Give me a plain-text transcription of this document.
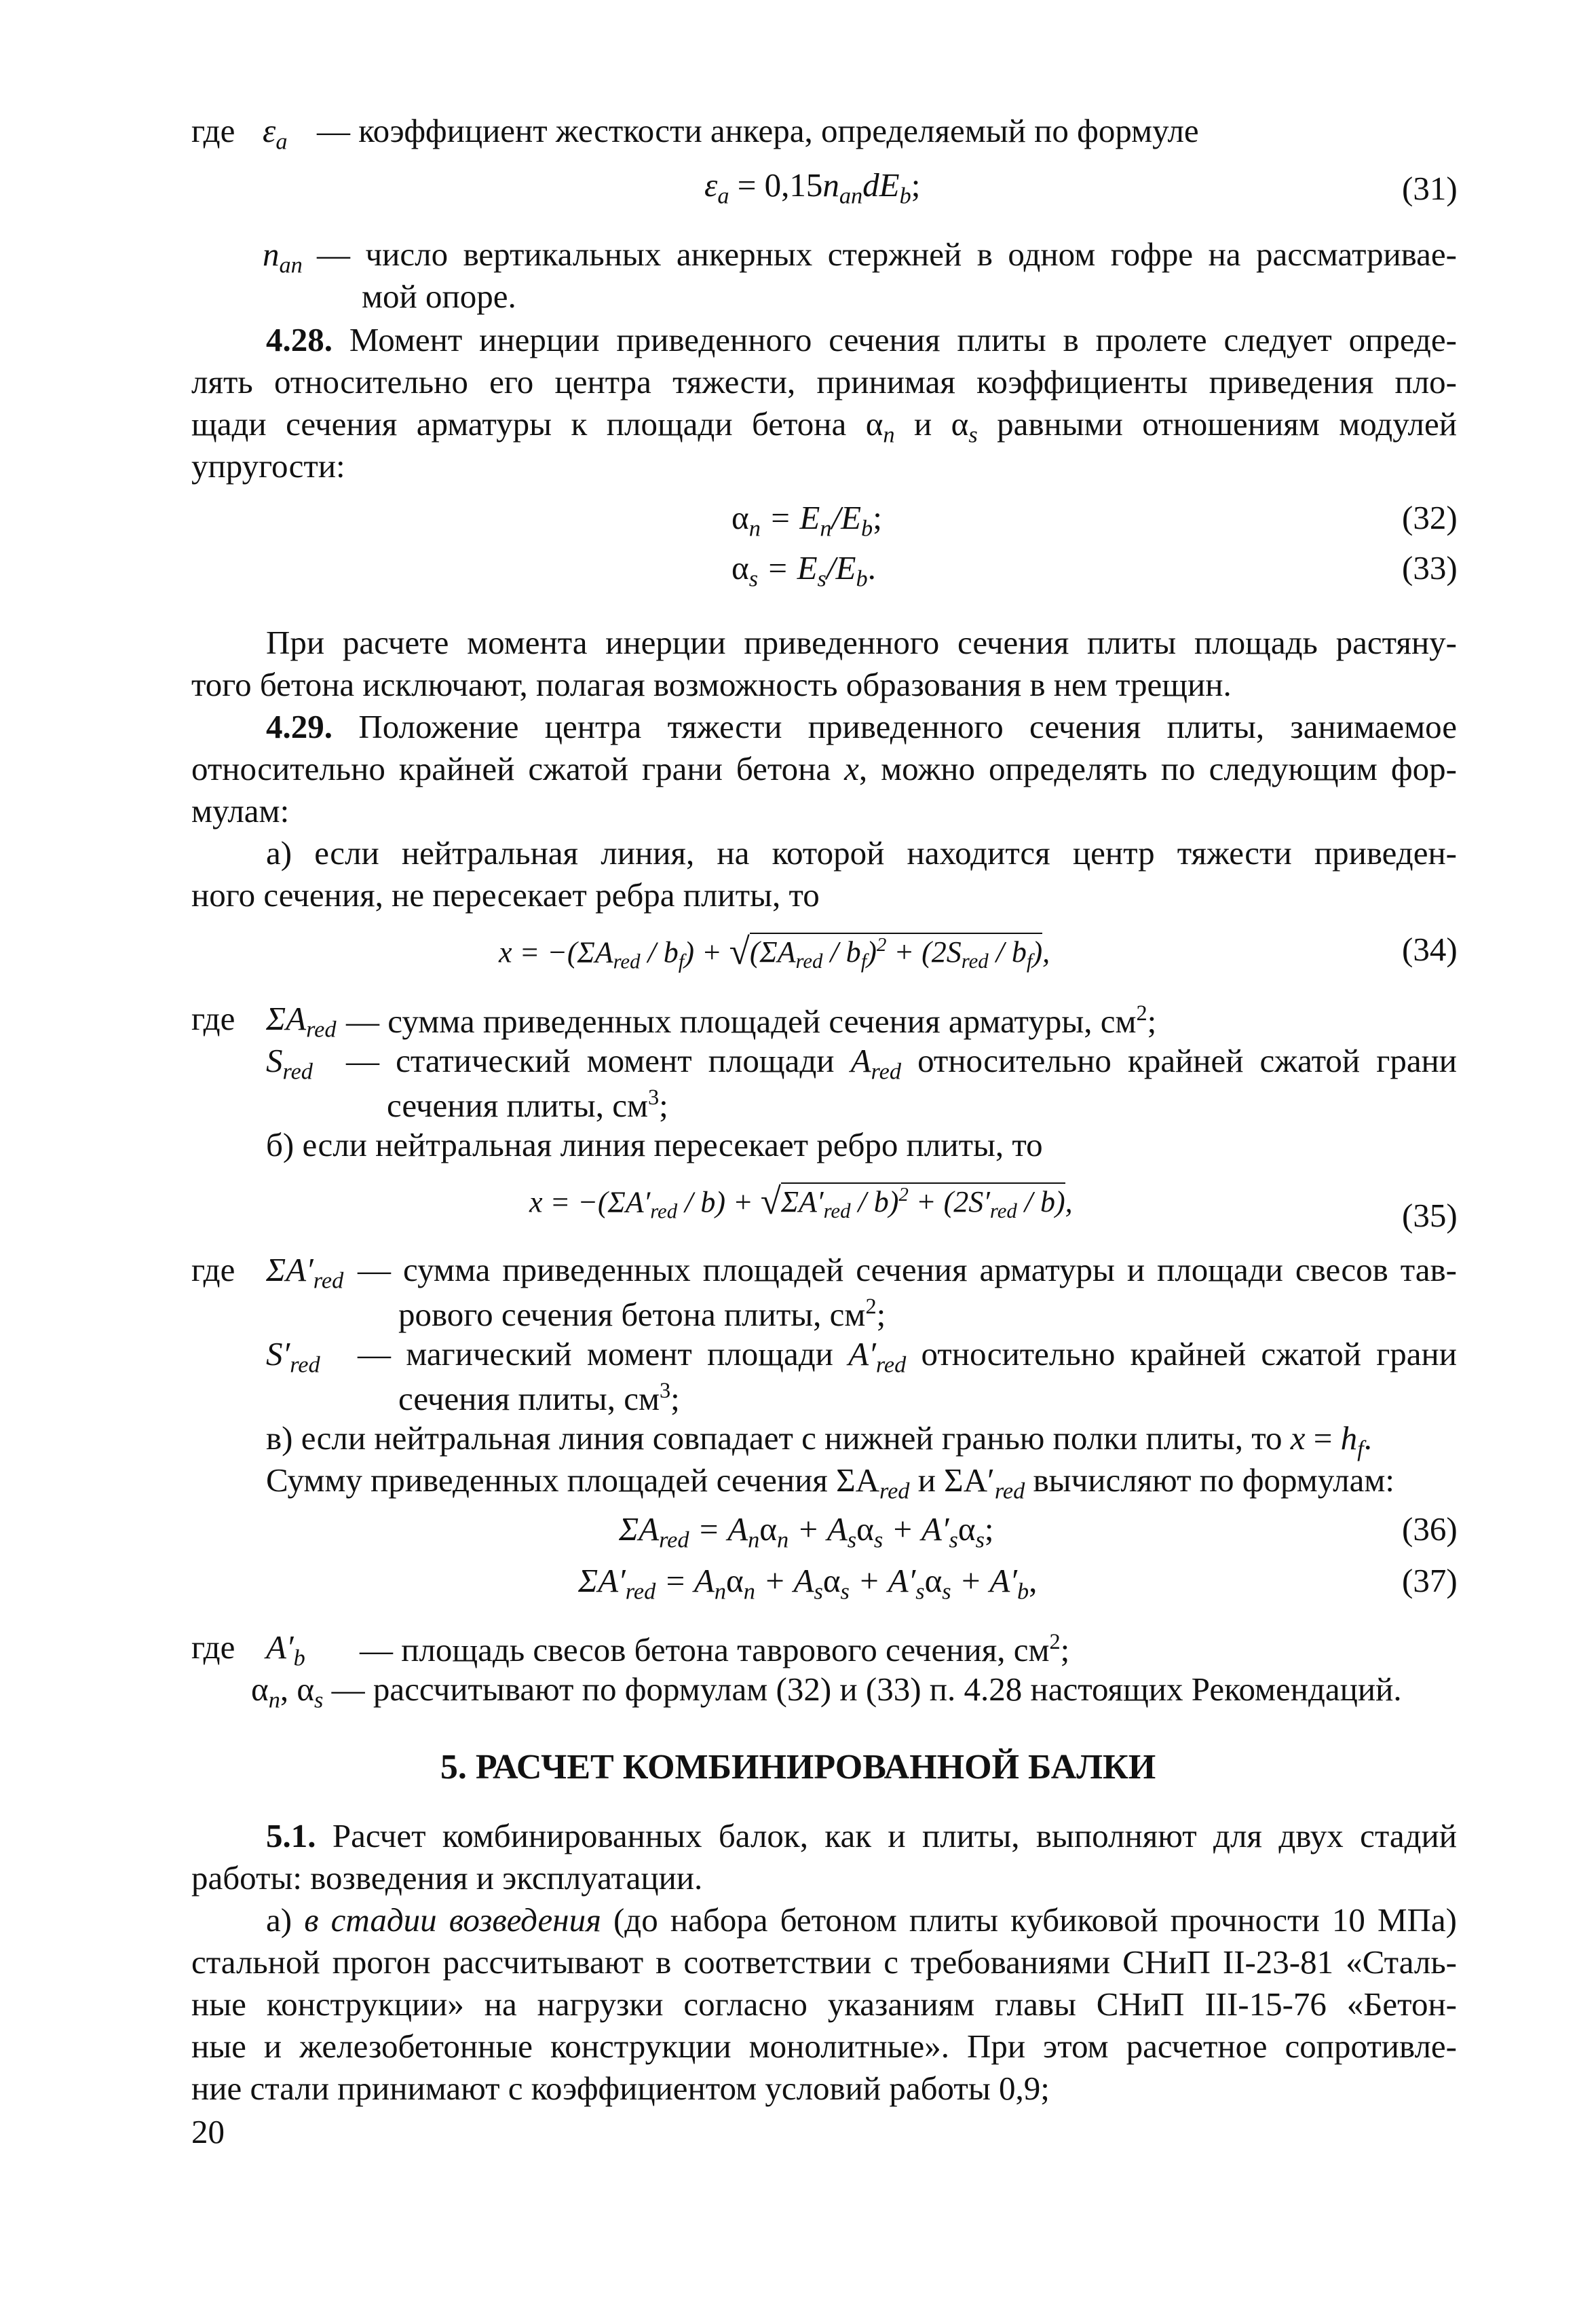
где $\varepsilon_a$ — коэффициент жесткости анкера, определяемый по формуле
$\varepsilon_a = 0,15n_{an}dE_b$;	(31)
$n_{an}$ — число вертикальных анкерных стержней в одном гофре на рассматривае-
мой опоре.
4.28. Момент инерции приведенного сечения плиты в пролете следует опреде-
лять относительно его центра тяжести, принимая коэффициенты приведения пло-
щади сечения арматуры к площади бетона $\alpha_n$ и $\alpha_s$ равными отношениям модулей
упругости:
$\alpha_n = E_n/E_b$;	(32)
$\alpha_s = E_s/E_b$.	(33)
При расчете момента инерции приведенного сечения плиты площадь растяну-
того бетона исключают, полагая возможность образования в нем трещин.
4.29. Положение центра тяжести приведенного сечения плиты, занимаемое
относительно крайней сжатой грани бетона x, можно определять по следующим фор-
мулам:
а) если нейтральная линия, на которой находится центр тяжести приведен-
ного сечения, не пересекает ребра плиты, то
$x = -(\Sigma A_{red} / b_f) + √(\Sigma A_{red} / b_f)^2 + (2S_{red} / b_f)$,	(34)
где $\Sigma A_{red}$ — сумма приведенных площадей сечения арматуры, $см^2$;
$S_{red}$ — статический момент площади $A_{red}$ относительно крайней сжатой грани
сечения плиты, $см^3$;
б) если нейтральная линия пересекает ребро плиты, то
$x = -(\Sigma A'_{red} / b) + √\Sigma A'_{red} / b)^2 + (2S'_{red} / b)$,	(35)
где $\Sigma A'_{red}$ — сумма приведенных площадей сечения арматуры и площади свесов тав-
рового сечения бетона плиты, $см^2$;
$S'_{red}$ — магический момент площади $A'_{red}$ относительно крайней сжатой грани
сечения плиты, $см^3$;
в) если нейтральная линия совпадает с нижней гранью полки плиты, то $x = h_f$.
Сумму приведенных площадей сечения $\Sigma A_{red}$ и $\Sigma A'_{red}$ вычисляют по формулам:
$\Sigma A_{red} = A_n\alpha_n + A_s\alpha_s + A'_s\alpha_s$;	(36)
$\Sigma A'_{red} = A_n\alpha_n + A_s\alpha_s + A'_s\alpha_s + A'_b$,	(37)
где $A'_b$ — площадь свесов бетона таврового сечения, $см^2$;
$\alpha_n$, $\alpha_s$ — рассчитывают по формулам (32) и (33) п. 4.28 настоящих Рекомендаций.
5. РАСЧЕТ КОМБИНИРОВАННОЙ БАЛКИ
5.1. Расчет комбинированных балок, как и плиты, выполняют для двух стадий
работы: возведения и эксплуатации.
а) в стадии возведения (до набора бетоном плиты кубиковой прочности 10 МПа)
стальной прогон рассчитывают в соответствии с требованиями СНиП II-23-81 «Сталь-
ные конструкции» на нагрузки согласно указаниям главы СНиП III-15-76 «Бетон-
ные и железобетонные конструкции монолитные». При этом расчетное сопротивле-
ние стали принимают с коэффициентом условий работы 0,9;
20
